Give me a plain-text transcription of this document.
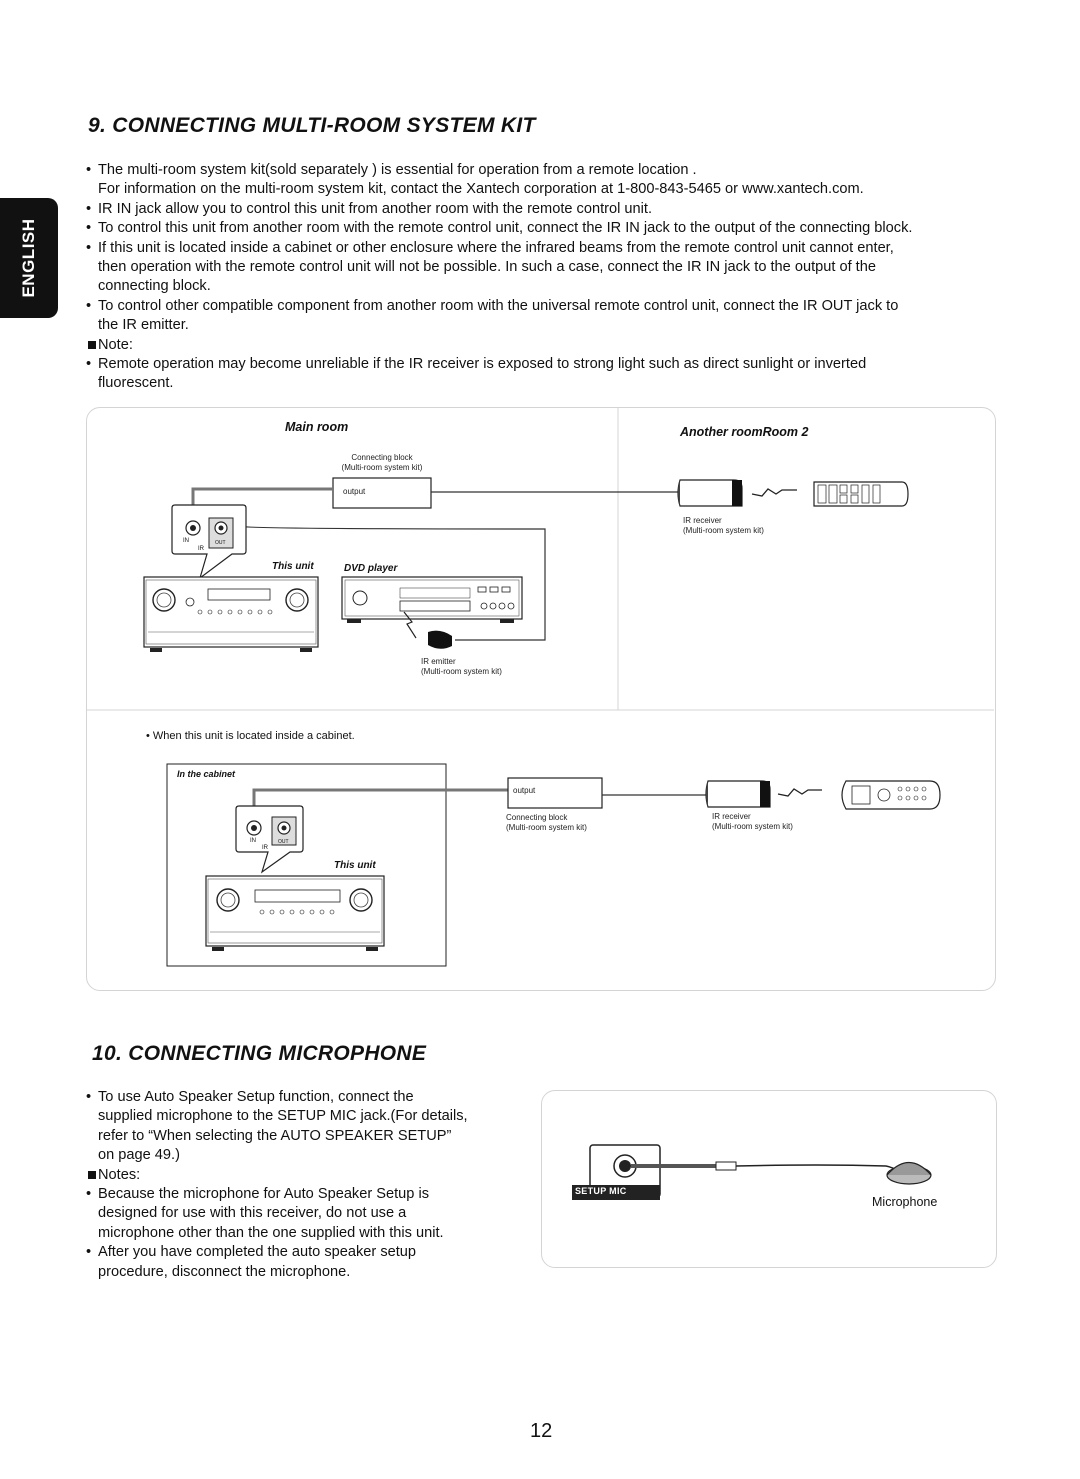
ENGLISH
9. CONNECTING MULTI-ROOM SYSTEM KIT
• The multi-room system kit(sold separately ) is essential for operation from a remote location .
For information on the multi-room system kit, contact the Xantech corporation at 1-800-843-5465 or www.xantech.com.
• IR IN jack allow you to control this unit from another room with the remote control unit.
• To control this unit from another room with the remote control unit, connect the IR IN jack to the output of the connecting block.
• If this unit is located inside a cabinet or other enclosure where the infrared beams from the remote control unit cannot enter,
then operation with the remote control unit will not be possible. In such a case, connect the IR IN jack to the output of the
connecting block.
• To control other compatible component from another room with the universal remote control unit, connect the IR OUT jack to
the IR emitter.
Note:
• Remote operation may become unreliable if the IR receiver is exposed to strong light such as direct sunlight or inverted
fluorescent.
Main room	Another roomRoom 2
Connecting block
(Multi-room system kit)
output
IN	OUT
IR
This unit	DVD player
IR receiver
(Multi-room system kit)
IR emitter
(Multi-room system kit)
• When this unit is located inside a cabinet.
In the cabinet
output
Connecting block
(Multi-room system kit)
IR receiver
(Multi-room system kit)
IN	OUT
IR
This unit
10. CONNECTING MICROPHONE
• To use Auto Speaker Setup function, connect the
supplied microphone to the SETUP MIC jack.(For details,
refer to “When selecting the AUTO SPEAKER SETUP”
on page 49.)
Notes:
• Because the microphone for Auto Speaker Setup is
designed for use with this receiver, do not use a
microphone other than the one supplied with this unit.
• After you have completed the auto speaker setup
procedure, disconnect the microphone.
SETUP MIC
Microphone
12
